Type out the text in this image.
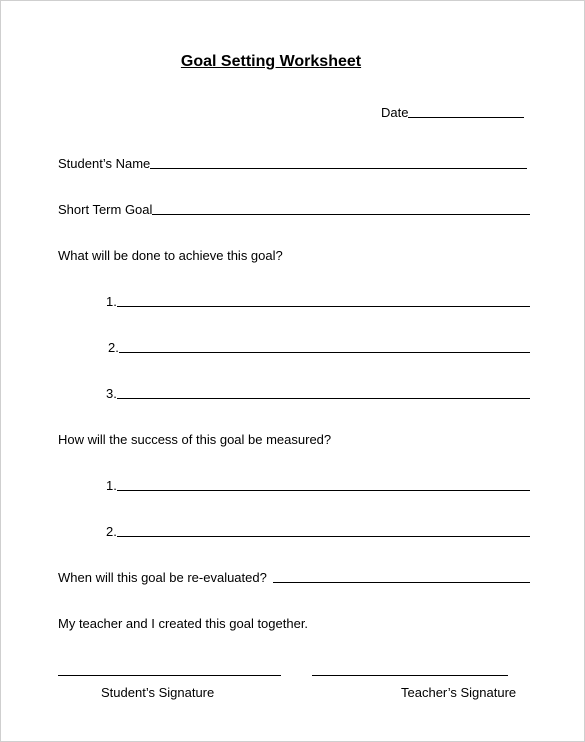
Goal Setting Worksheet
Date
Student’s Name
Short Term Goal
What will be done to achieve this goal?
1.
2.
3.
How will the success of this goal be measured?
1.
2.
When will this goal be re-evaluated?
My teacher and I created this goal together.
Student’s Signature	Teacher’s Signature
